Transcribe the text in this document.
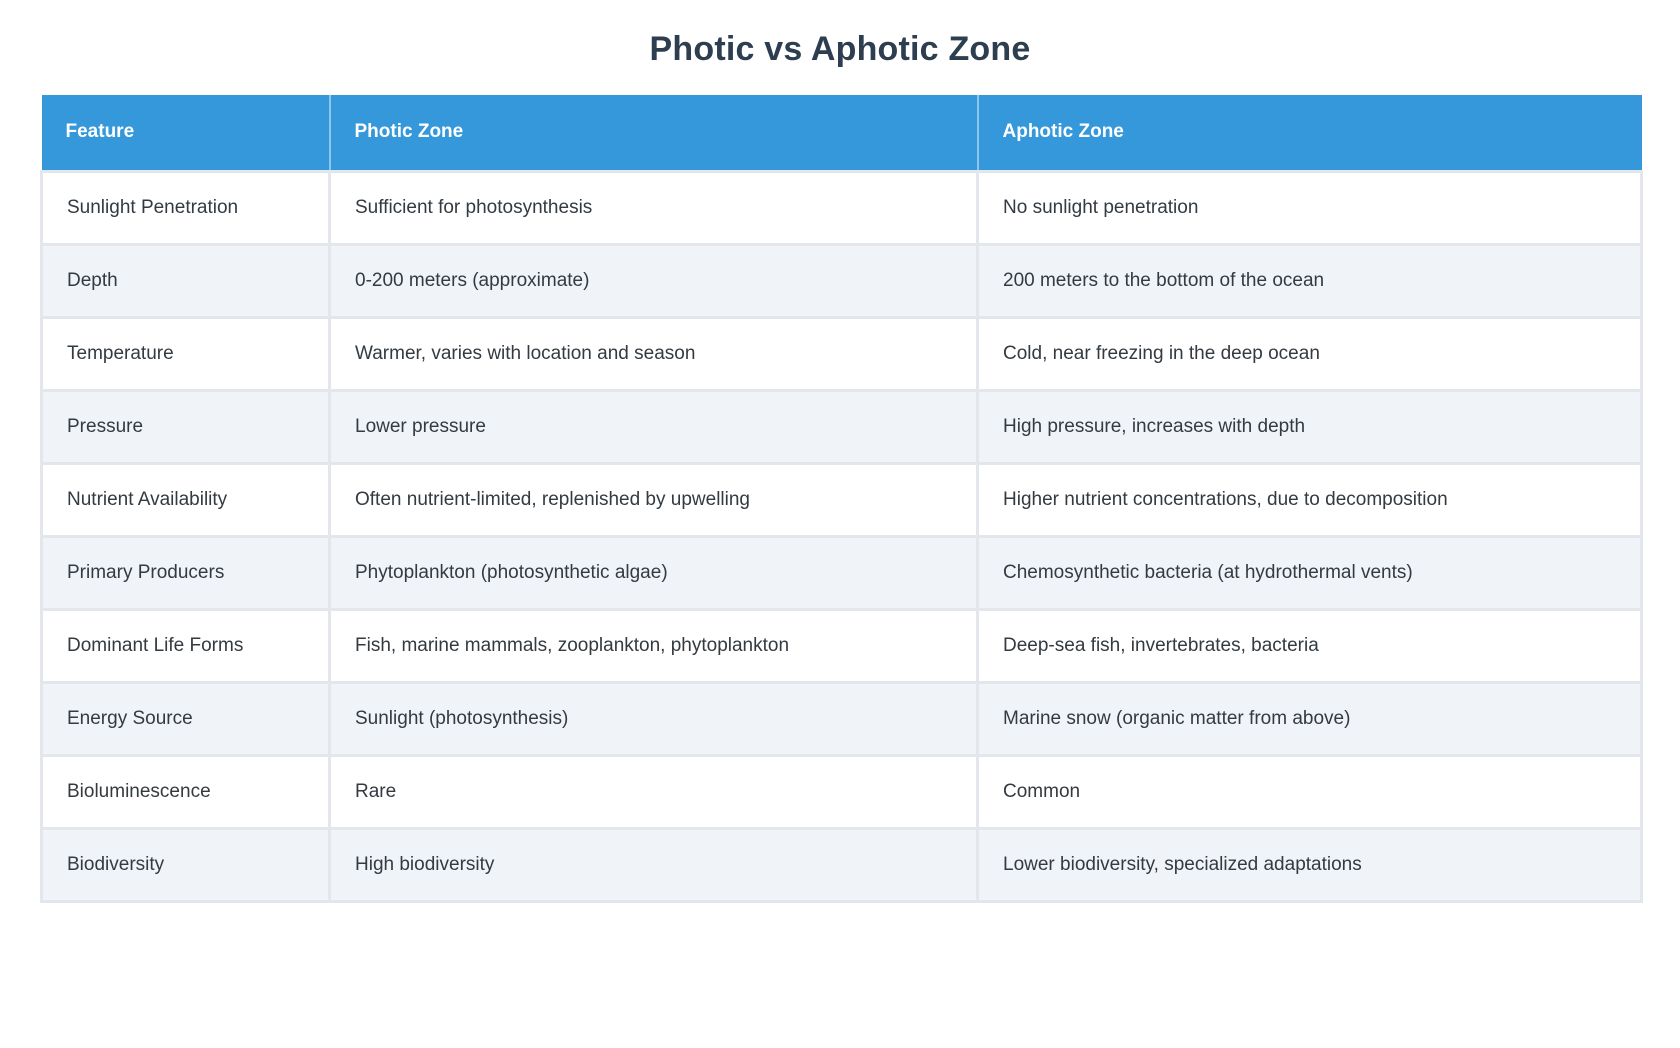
Photic vs Aphotic Zone
Feature	Photic Zone	Aphotic Zone
Sunlight Penetration	Sufficient for photosynthesis	No sunlight penetration
Depth	0-200 meters (approximate)	200 meters to the bottom of the ocean
Temperature	Warmer, varies with location and season	Cold, near freezing in the deep ocean
Pressure	Lower pressure	High pressure, increases with depth
Nutrient Availability	Often nutrient-limited, replenished by upwelling	Higher nutrient concentrations, due to decomposition
Primary Producers	Phytoplankton (photosynthetic algae)	Chemosynthetic bacteria (at hydrothermal vents)
Dominant Life Forms	Fish, marine mammals, zooplankton, phytoplankton	Deep-sea fish, invertebrates, bacteria
Energy Source	Sunlight (photosynthesis)	Marine snow (organic matter from above)
Bioluminescence	Rare	Common
Biodiversity	High biodiversity	Lower biodiversity, specialized adaptations
